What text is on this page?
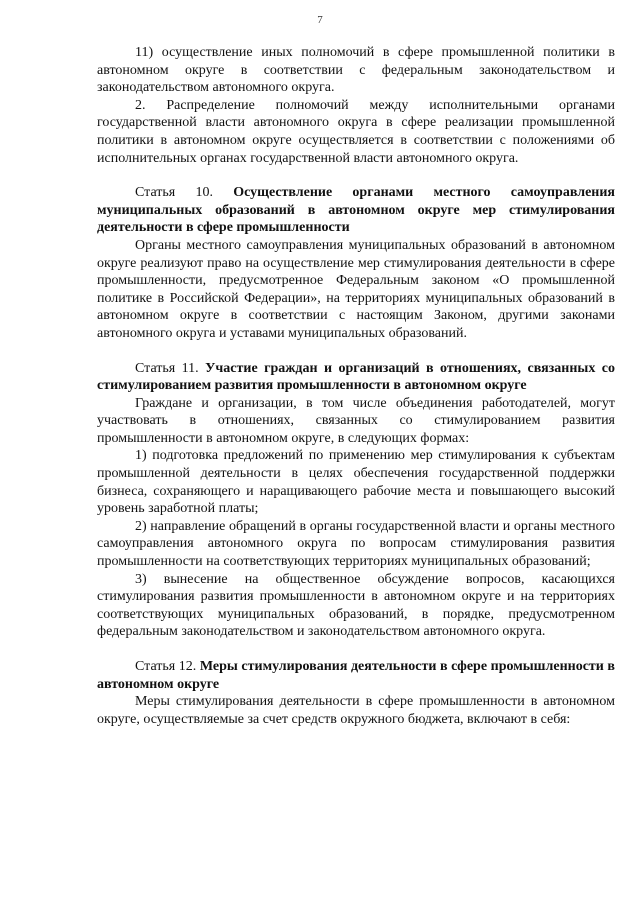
7

11) осуществление иных полномочий в сфере промышленной политики в автономном округе в соответствии с федеральным законодательством и законодательством автономного округа.

2. Распределение полномочий между исполнительными органами государственной власти автономного округа в сфере реализации промышленной политики в автономном округе осуществляется в соответствии с положениями об исполнительных органах государственной власти автономного округа.

Статья 10. Осуществление органами местного самоуправления муниципальных образований в автономном округе мер стимулирования деятельности в сфере промышленности

Органы местного самоуправления муниципальных образований в автономном округе реализуют право на осуществление мер стимулирования деятельности в сфере промышленности, предусмотренное Федеральным законом «О промышленной политике в Российской Федерации», на территориях муниципальных образований в автономном округе в соответствии с настоящим Законом, другими законами автономного округа и уставами муниципальных образований.

Статья 11. Участие граждан и организаций в отношениях, связанных со стимулированием развития промышленности в автономном округе

Граждане и организации, в том числе объединения работодателей, могут участвовать в отношениях, связанных со стимулированием развития промышленности в автономном округе, в следующих формах:

1) подготовка предложений по применению мер стимулирования к субъектам промышленной деятельности в целях обеспечения государственной поддержки бизнеса, сохраняющего и наращивающего рабочие места и повышающего высокий уровень заработной платы;

2) направление обращений в органы государственной власти и органы местного самоуправления автономного округа по вопросам стимулирования развития промышленности на соответствующих территориях муниципальных образований;

3) вынесение на общественное обсуждение вопросов, касающихся стимулирования развития промышленности в автономном округе и на территориях соответствующих муниципальных образований, в порядке, предусмотренном федеральным законодательством и законодательством автономного округа.

Статья 12. Меры стимулирования деятельности в сфере промышленности в автономном округе

Меры стимулирования деятельности в сфере промышленности в автономном округе, осуществляемые за счет средств окружного бюджета, включают в себя:
